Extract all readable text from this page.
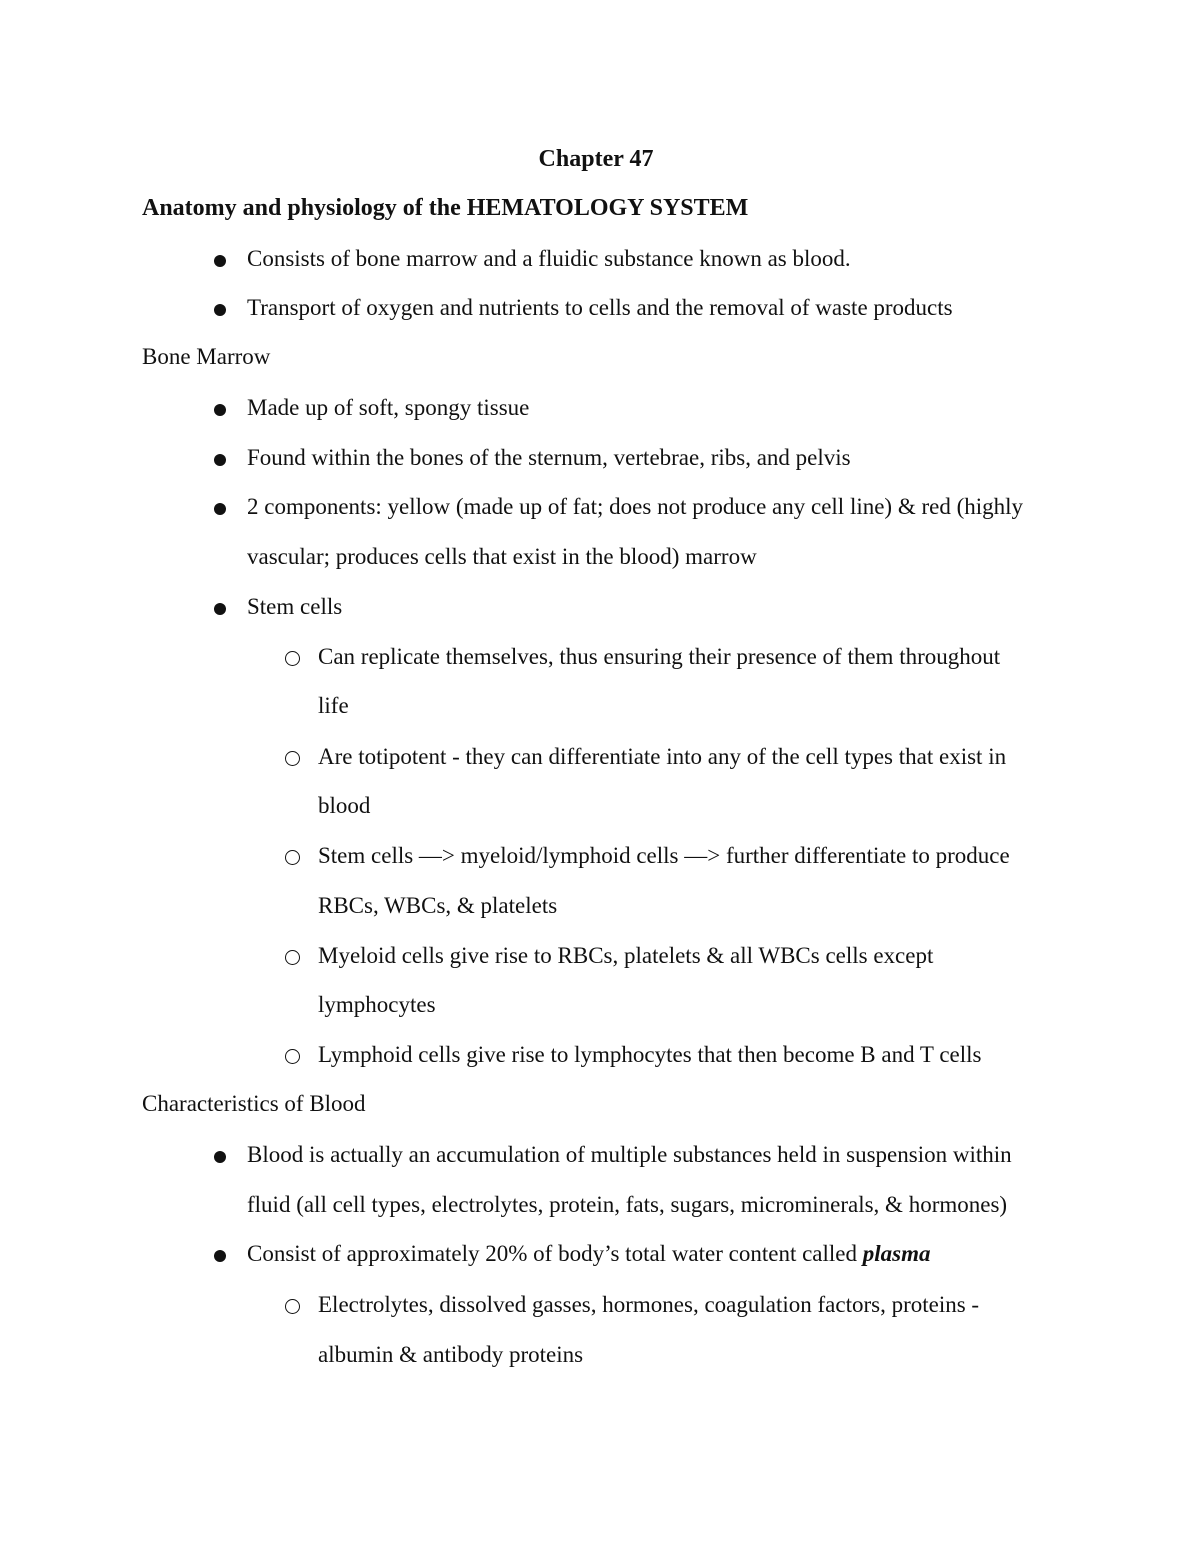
Chapter 47
Anatomy and physiology of the HEMATOLOGY SYSTEM
Consists of bone marrow and a fluidic substance known as blood.
Transport of oxygen and nutrients to cells and the removal of waste products
Bone Marrow
Made up of soft, spongy tissue
Found within the bones of the sternum, vertebrae, ribs, and pelvis
2 components: yellow (made up of fat; does not produce any cell line) & red (highly
vascular; produces cells that exist in the blood) marrow
Stem cells
Can replicate themselves, thus ensuring their presence of them throughout
life
Are totipotent - they can differentiate into any of the cell types that exist in
blood
Stem cells —> myeloid/lymphoid cells —> further differentiate to produce
RBCs, WBCs, & platelets
Myeloid cells give rise to RBCs, platelets & all WBCs cells except
lymphocytes
Lymphoid cells give rise to lymphocytes that then become B and T cells
Characteristics of Blood
Blood is actually an accumulation of multiple substances held in suspension within
fluid (all cell types, electrolytes, protein, fats, sugars, microminerals, & hormones)
Consist of approximately 20% of body’s total water content called plasma
Electrolytes, dissolved gasses, hormones, coagulation factors, proteins -
albumin & antibody proteins
